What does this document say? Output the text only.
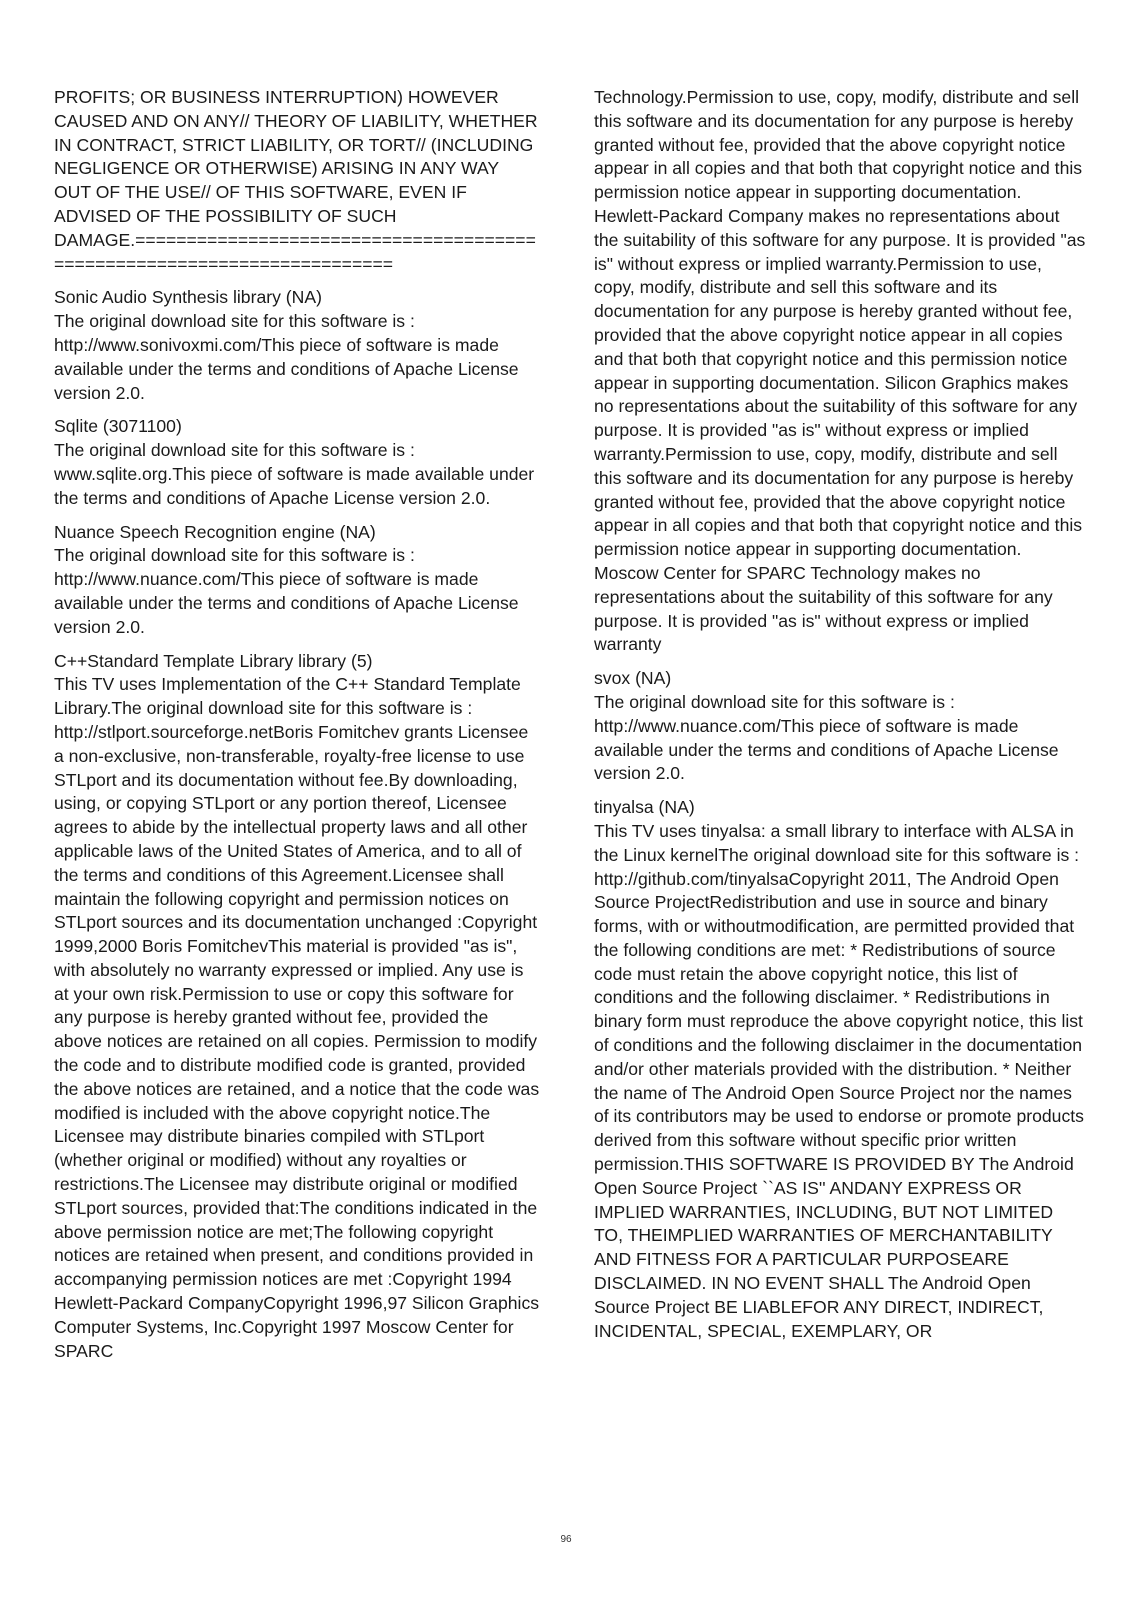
PROFITS; OR BUSINESS INTERRUPTION) HOWEVER CAUSED AND ON ANY// THEORY OF LIABILITY, WHETHER IN CONTRACT, STRICT LIABILITY, OR TORT// (INCLUDING NEGLIGENCE OR OTHERWISE) ARISING IN ANY WAY OUT OF THE USE// OF THIS SOFTWARE, EVEN IF ADVISED OF THE POSSIBILITY OF SUCH DAMAGE.========================================================================
Sonic Audio Synthesis library (NA)
The original download site for this software is : http://www.sonivoxmi.com/This piece of software is made available under the terms and conditions of Apache License version 2.0.
Sqlite (3071100)
The original download site for this software is : www.sqlite.org.This piece of software is made available under the terms and conditions of Apache License version 2.0.
Nuance Speech Recognition engine (NA)
The original download site for this software is : http://www.nuance.com/This piece of software is made available under the terms and conditions of Apache License version 2.0.
C++Standard Template Library library (5)
This TV uses Implementation of the C++ Standard Template Library.The original download site for this software is : http://stlport.sourceforge.netBoris Fomitchev grants Licensee a non-exclusive, non-transferable, royalty-free license to use STLport and its documentation without fee.By downloading, using, or copying STLport or any portion thereof, Licensee agrees to abide by the intellectual property laws and all other applicable laws of the United States of America, and to all of the terms and conditions of this Agreement.Licensee shall maintain the following copyright and permission notices on STLport sources and its documentation unchanged :Copyright 1999,2000 Boris FomitchevThis material is provided "as is", with absolutely no warranty expressed or implied. Any use is at your own risk.Permission to use or copy this software for any purpose is hereby granted without fee, provided the above notices are retained on all copies. Permission to modify the code and to distribute modified code is granted, provided the above notices are retained, and a notice that the code was modified is included with the above copyright notice.The Licensee may distribute binaries compiled with STLport (whether original or modified) without any royalties or restrictions.The Licensee may distribute original or modified STLport sources, provided that:The conditions indicated in the above permission notice are met;The following copyright notices are retained when present, and conditions provided in accompanying permission notices are met :Copyright 1994 Hewlett-Packard CompanyCopyright 1996,97 Silicon Graphics Computer Systems, Inc.Copyright 1997 Moscow Center for SPARC
Technology.Permission to use, copy, modify, distribute and sell this software and its documentation for any purpose is hereby granted without fee, provided that the above copyright notice appear in all copies and that both that copyright notice and this permission notice appear in supporting documentation. Hewlett-Packard Company makes no representations about the suitability of this software for any purpose. It is provided "as is" without express or implied warranty.Permission to use, copy, modify, distribute and sell this software and its documentation for any purpose is hereby granted without fee, provided that the above copyright notice appear in all copies and that both that copyright notice and this permission notice appear in supporting documentation. Silicon Graphics makes no representations about the suitability of this software for any purpose. It is provided "as is" without express or implied warranty.Permission to use, copy, modify, distribute and sell this software and its documentation for any purpose is hereby granted without fee, provided that the above copyright notice appear in all copies and that both that copyright notice and this permission notice appear in supporting documentation. Moscow Center for SPARC Technology makes no representations about the suitability of this software for any purpose. It is provided "as is" without express or implied warranty
svox (NA)
The original download site for this software is : http://www.nuance.com/This piece of software is made available under the terms and conditions of Apache License version 2.0.
tinyalsa (NA)
This TV uses tinyalsa: a small library to interface with ALSA in the Linux kernelThe original download site for this software is : http://github.com/tinyalsaCopyright 2011, The Android Open Source ProjectRedistribution and use in source and binary forms, with or withoutmodification, are permitted provided that the following conditions are met: * Redistributions of source code must retain the above copyright notice, this list of conditions and the following disclaimer. * Redistributions in binary form must reproduce the above copyright notice, this list of conditions and the following disclaimer in the documentation and/or other materials provided with the distribution. * Neither the name of The Android Open Source Project nor the names of its contributors may be used to endorse or promote products derived from this software without specific prior written permission.THIS SOFTWARE IS PROVIDED BY The Android Open Source Project ``AS IS'' ANDANY EXPRESS OR IMPLIED WARRANTIES, INCLUDING, BUT NOT LIMITED TO, THEIMPLIED WARRANTIES OF MERCHANTABILITY AND FITNESS FOR A PARTICULAR PURPOSEARE DISCLAIMED. IN NO EVENT SHALL The Android Open Source Project BE LIABLEFOR ANY DIRECT, INDIRECT, INCIDENTAL, SPECIAL, EXEMPLARY, OR
96
